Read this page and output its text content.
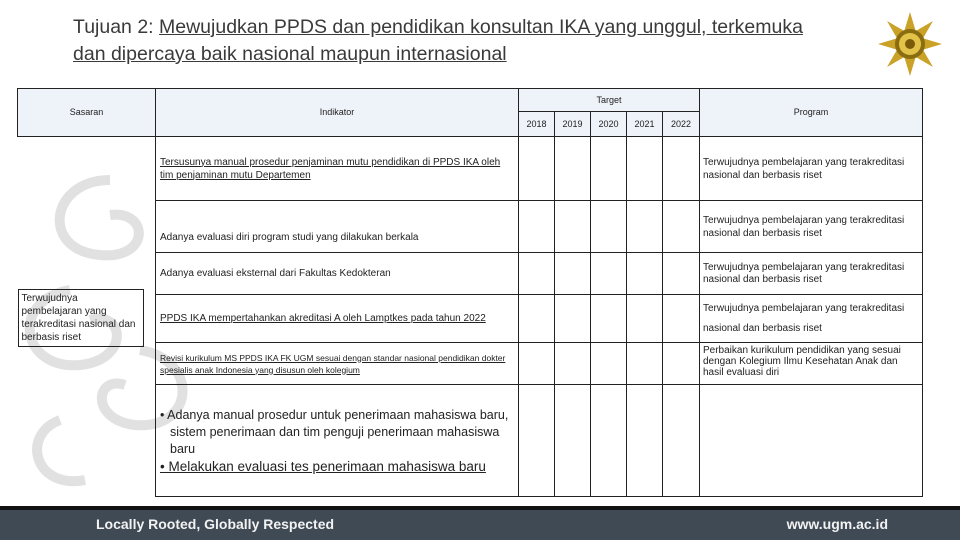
Tujuan 2: Mewujudkan PPDS dan pendidikan konsultan IKA yang unggul, terkemuka
dan dipercaya baik nasional maupun internasional
Sasaran	Indikator	Target					Program
		2018	2019	2020	2021	2022	

Terwujudnya pembelajaran yang terakreditasi nasional dan berbasis riset	Tersusunya manual prosedur penjaminan mutu pendidikan di PPDS IKA oleh tim penjaminan mutu Departemen						Terwujudnya pembelajaran yang terakreditasi nasional dan berbasis riset
	Adanya evaluasi diri program studi yang dilakukan berkala						Terwujudnya pembelajaran yang terakreditasi nasional dan berbasis riset
	Adanya evaluasi eksternal dari Fakultas Kedokteran						Terwujudnya pembelajaran yang terakreditasi nasional dan berbasis riset
	PPDS IKA mempertahankan akreditasi A oleh Lamptkes pada tahun 2022						Terwujudnya pembelajaran yang terakreditasi nasional dan berbasis riset
	Revisi kurikulum MS PPDS IKA FK UGM sesuai dengan standar nasional pendidikan dokter spesialis anak Indonesia yang disusun oleh kolegium						Perbaikan kurikulum pendidikan yang sesuai dengan Kolegium Ilmu Kesehatan Anak dan hasil evaluasi diri

	• Adanya manual prosedur untuk penerimaan mahasiswa baru, sistem penerimaan dan tim penguji penerimaan mahasiswa baru
• Melakukan evaluasi tes penerimaan mahasiswa baru						

Locally Rooted, Globally Respected	www.ugm.ac.id
